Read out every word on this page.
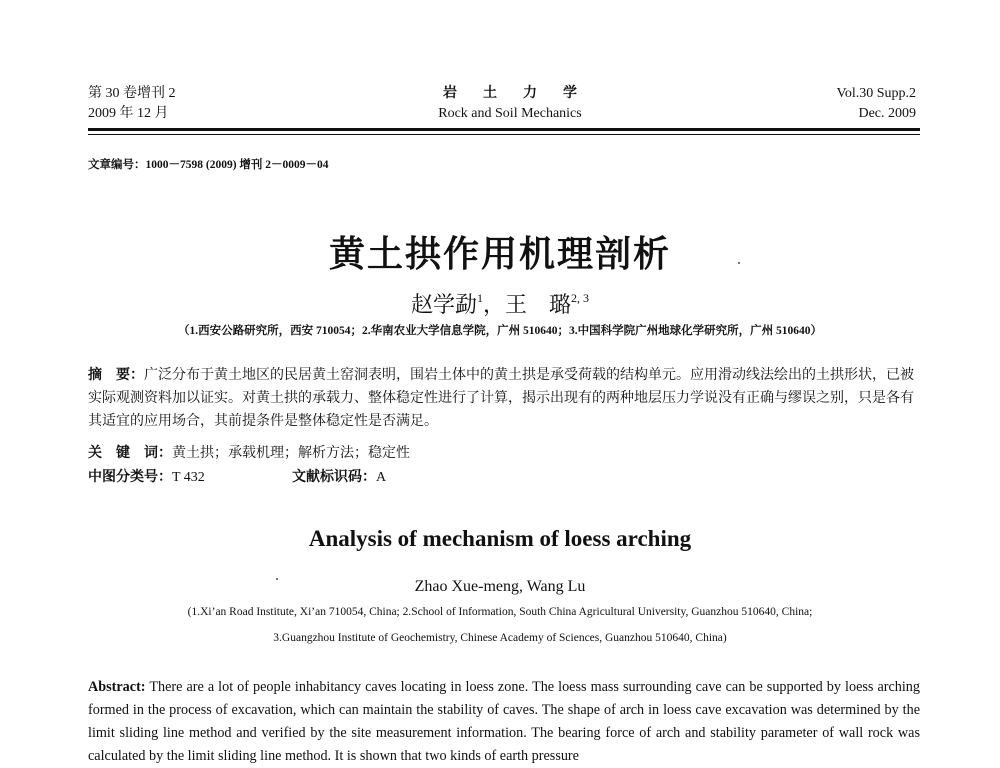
第 30 卷增刊 2
2009 年 12 月
岩土力学
Rock and Soil Mechanics
Vol.30 Supp.2
Dec. 2009
文章编号：1000－7598 (2009) 增刊 2－0009－04
黄土拱作用机理剖析
赵学勐$^1$，王　璐$^{2, 3}$
（1.西安公路研究所，西安 710054；2.华南农业大学信息学院，广州 510640；3.中国科学院广州地球化学研究所，广州 510640）
摘　要：广泛分布于黄土地区的民居黄土窑洞表明，围岩土体中的黄土拱是承受荷载的结构单元。应用滑动线法绘出的土拱形状，已被实际观测资料加以证实。对黄土拱的承载力、整体稳定性进行了计算，揭示出现有的两种地层压力学说没有正确与缪误之别，只是各有其适宜的应用场合，其前提条件是整体稳定性是否满足。
关　键　词：黄土拱；承载机理；解析方法；稳定性
中图分类号：T 432	文献标识码：A
Analysis of mechanism of loess arching
Zhao Xue-meng, Wang Lu
(1.Xi’an Road Institute, Xi’an 710054, China; 2.School of Information, South China Agricultural University, Guanzhou 510640, China;
3.Guangzhou Institute of Geochemistry, Chinese Academy of Sciences, Guanzhou 510640, China)
Abstract: There are a lot of people inhabitancy caves locating in loess zone. The loess mass surrounding cave can be supported by loess arching formed in the process of excavation, which can maintain the stability of caves. The shape of arch in loess cave excavation was determined by the limit sliding line method and verified by the site measurement information. The bearing force of arch and stability parameter of wall rock was calculated by the limit sliding line method. It is shown that two kinds of earth pressure
